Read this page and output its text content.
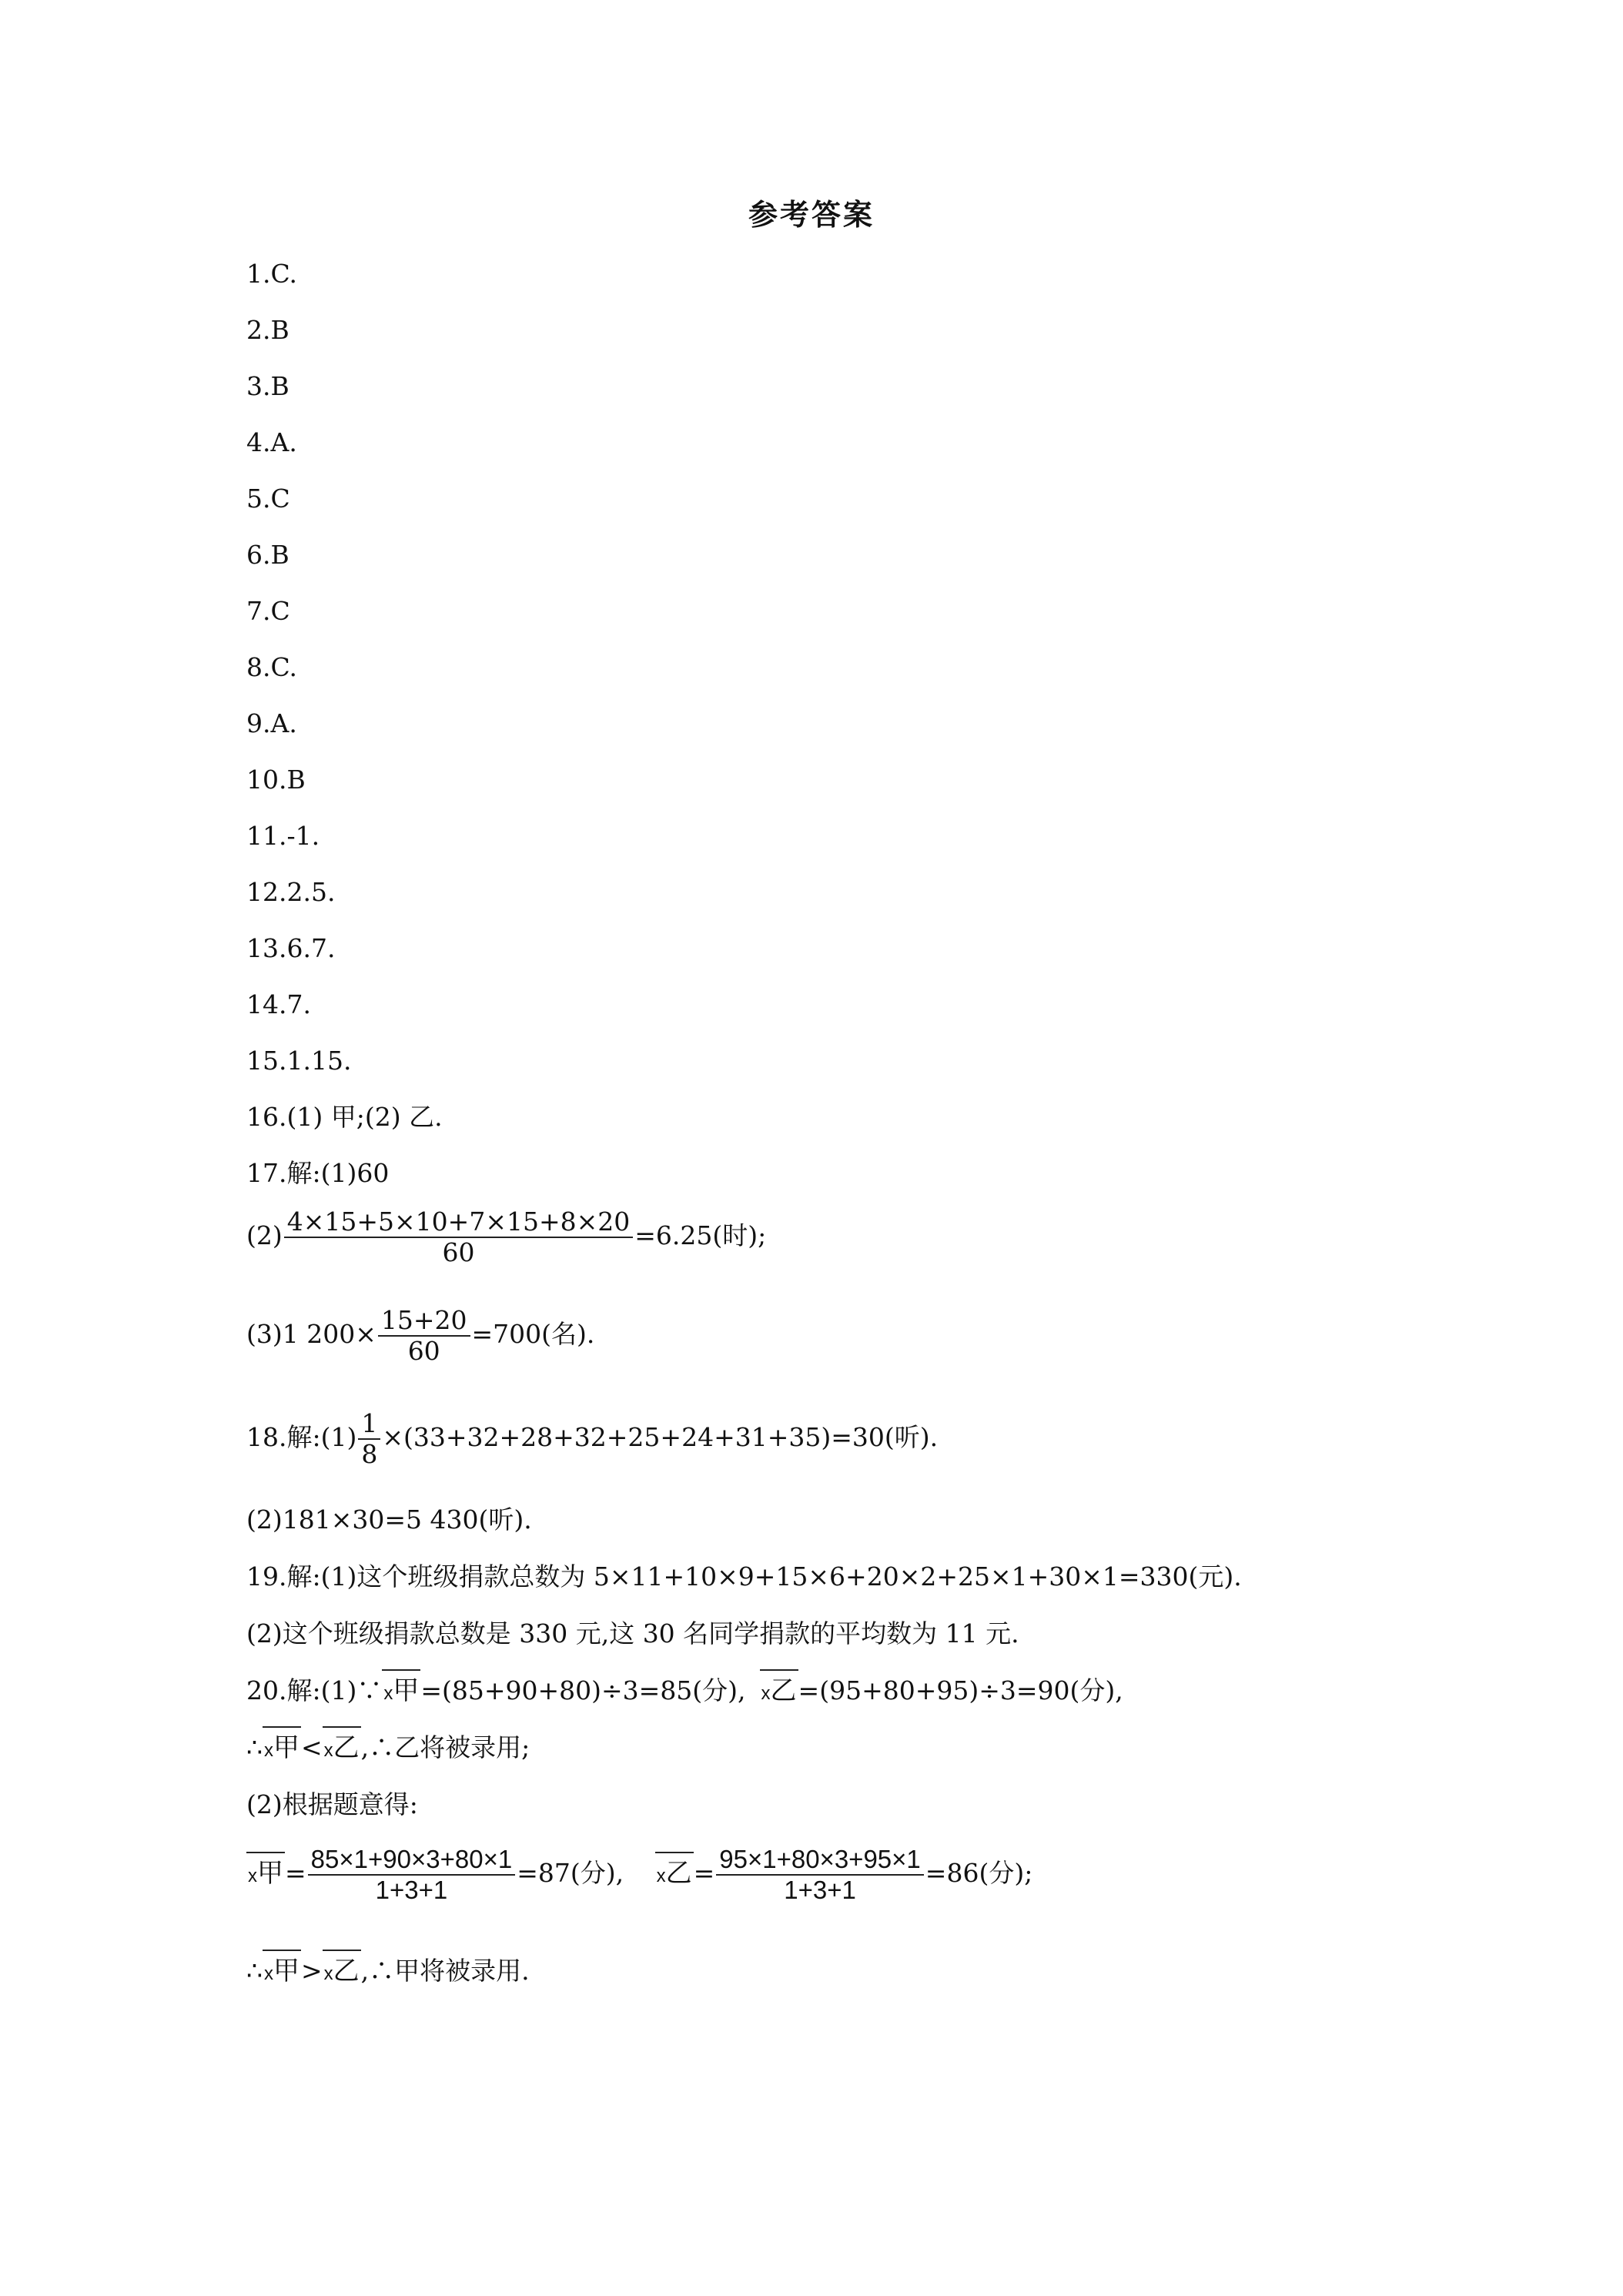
参考答案
1.C.
2.B
3.B
4.A.
5.C
6.B
7.C
8.C.
9.A.
10.B
11.-1.
12.2.5.
13.6.7.
14.7.
15.1.15.
16.(1) 甲;(2) 乙.
17.解:(1)60
$(2) \frac{4\times 15+5\times 10+7\times 15+8\times 20}{60} =6.25$(时);
(3)1 $200\times \frac{15+20}{60} =700$(名).
18.解:(1) $\frac{1}{8} \times(33+32+28+32+25+24+31+35)=30$(听).
(2)181×30=5 430(听).
19.解:(1)这个班级捐款总数为 5×11+10×9+15×6+20×2+25×1+30×1=330(元).
(2)这个班级捐款总数是 330 元,这 30 名同学捐款的平均数为 11 元.
20.解:(1)∵x甲=(85+90+80)÷3=85(分), x乙=(95+80+95)÷3=90(分),
∴x甲<x乙,∴乙将被录用;
(2)根据题意得:
x甲= $\frac{85\times 1+90\times 3+80\times 1}{1+3+1} =87$(分), x乙= $\frac{95\times 1+80\times 3+95\times 1}{1+3+1} =86$(分);
∴x甲>x乙,∴甲将被录用.
